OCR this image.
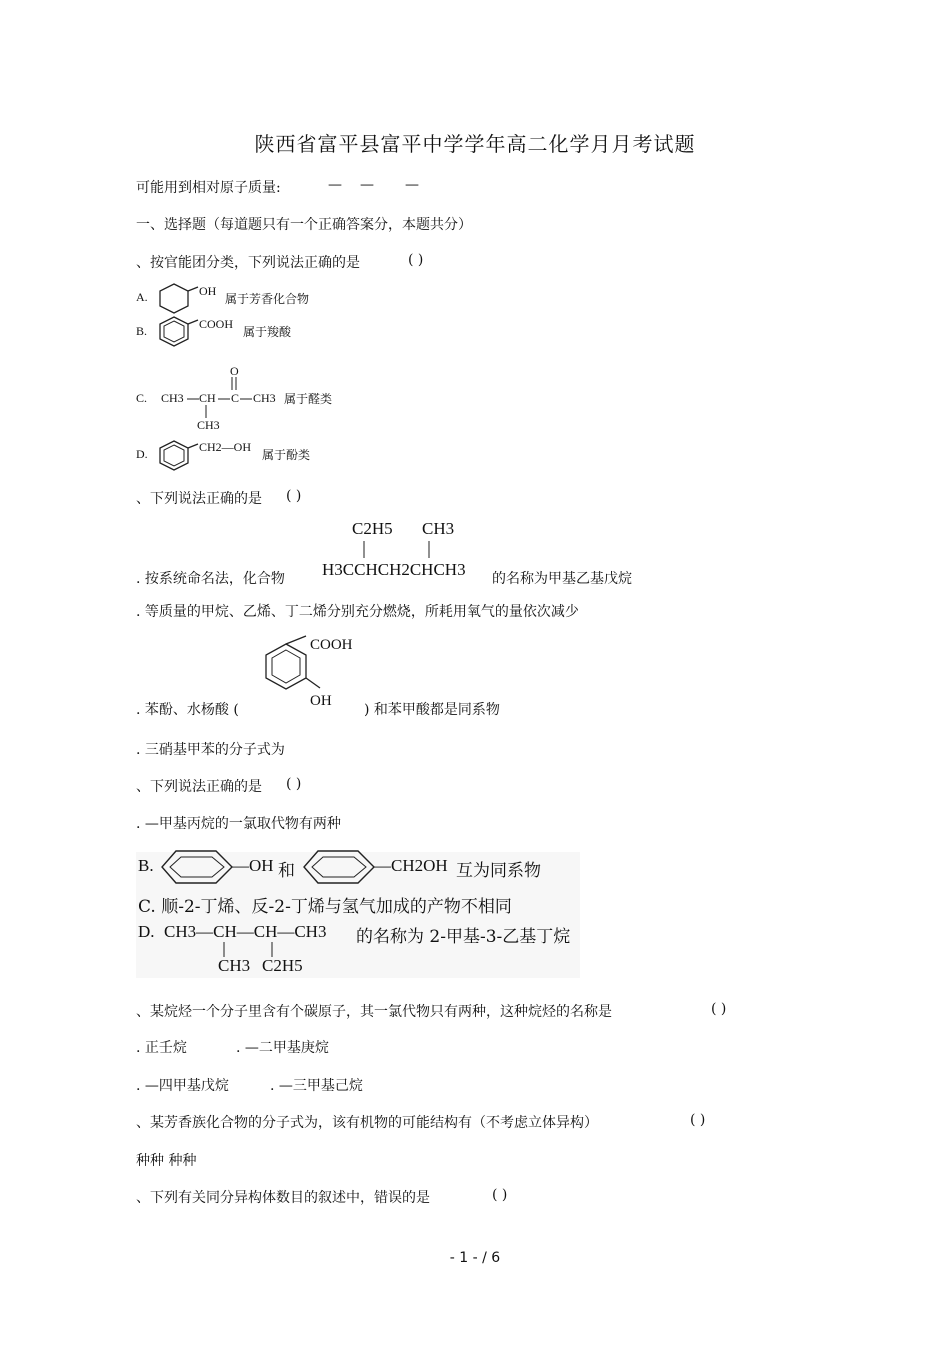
陕西省富平县富平中学学年高二化学月月考试题
可能用到相对原子质量:	— — —
一、选择题（每道题只有一个正确答案分，本题共分）
、按官能团分类，下列说法正确的是	( )
A.	OH
属于芳香化合物
B.	COOH
属于羧酸
O
C. CH3 CH C CH3 属于醛类
CH3
D.	CH2—OH
属于酚类
、下列说法正确的是 ( )
C2H5 CH3
. 按系统命名法，化合物 H3CCHCH2CHCH3 的名称为甲基乙基戊烷
. 等质量的甲烷、乙烯、丁二烯分别充分燃烧，所耗用氧气的量依次减少
COOH
OH
. 苯酚、水杨酸 (	) 和苯甲酸都是同系物
. 三硝基甲苯的分子式为
、下列说法正确的是 ( )
. —甲基丙烷的一氯取代物有两种
B.	—OH 和	—CH2OH 互为同系物
C. 顺-2-丁烯、反-2-丁烯与氢气加成的产物不相同
D. CH3—CH—CH—CH3 的名称为 2-甲基-3-乙基丁烷
CH3 C2H5
、某烷烃一个分子里含有个碳原子，其一氯代物只有两种，这种烷烃的名称是	( )
. 正壬烷	. —二甲基庚烷
. —四甲基戊烷	. —三甲基己烷
、某芳香族化合物的分子式为，该有机物的可能结构有（不考虑立体异构）	( )
种种 种种
、下列有关同分异构体数目的叙述中，错误的是	( )
- 1 - / 6
